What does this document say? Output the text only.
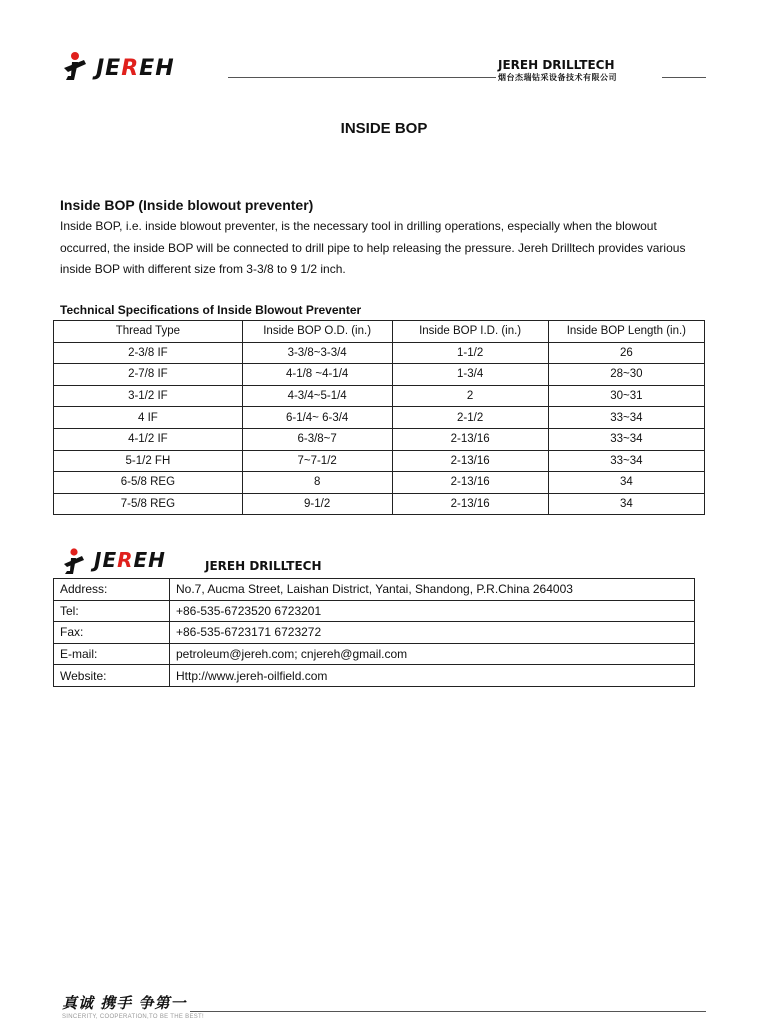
JEREH	JEREH DRILLTECH
烟台杰瑞钻采设备技术有限公司
INSIDE BOP
Inside BOP (Inside blowout preventer)
Inside BOP, i.e. inside blowout preventer, is the necessary tool in drilling operations, especially when the blowout occurred, the inside BOP will be connected to drill pipe to help releasing the pressure. Jereh Drilltech provides various inside BOP with different size from 3-3/8 to 9 1/2 inch.
Technical Specifications of Inside Blowout Preventer
Thread Type	Inside BOP O.D. (in.)	Inside BOP I.D. (in.)	Inside BOP Length (in.)
2-3/8 IF	3-3/8~3-3/4	1-1/2	26
2-7/8 IF	4-1/8 ~4-1/4	1-3/4	28~30
3-1/2 IF	4-3/4~5-1/4	2	30~31
4 IF	6-1/4~ 6-3/4	2-1/2	33~34
4-1/2 IF	6-3/8~7	2-13/16	33~34
5-1/2 FH	7~7-1/2	2-13/16	33~34
6-5/8 REG	8	2-13/16	34
7-5/8 REG	9-1/2	2-13/16	34
JEREH	JEREH DRILLTECH
Address:	No.7, Aucma Street, Laishan District, Yantai, Shandong, P.R.China 264003
Tel:	+86-535-6723520 6723201
Fax:	+86-535-6723171 6723272
E-mail:	petroleum@jereh.com; cnjereh@gmail.com
Website:	Http://www.jereh-oilfield.com
真诚 携手 争第一
SINCERITY, COOPERATION,TO BE THE BEST!
